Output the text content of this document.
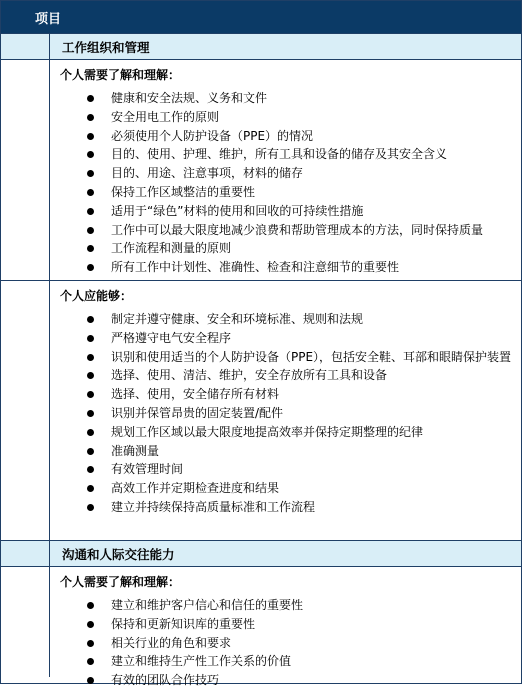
项目
工作组织和管理
个人需要了解和理解：
健康和安全法规、义务和文件
安全用电工作的原则
必须使用个人防护设备（PPE）的情况
目的、使用、护理、维护，所有工具和设备的储存及其安全含义
目的、用途、注意事项，材料的储存
保持工作区域整洁的重要性
适用于“绿色”材料的使用和回收的可持续性措施
工作中可以最大限度地减少浪费和帮助管理成本的方法，同时保持质量
工作流程和测量的原则
所有工作中计划性、准确性、检查和注意细节的重要性
个人应能够：
制定并遵守健康、安全和环境标准、规则和法规
严格遵守电气安全程序
识别和使用适当的个人防护设备（PPE），包括安全鞋、耳部和眼睛保护装置
选择、使用、清洁、维护，安全存放所有工具和设备
选择、使用，安全储存所有材料
识别并保管昂贵的固定装置/配件
规划工作区域以最大限度地提高效率并保持定期整理的纪律
准确测量
有效管理时间
高效工作并定期检查进度和结果
建立并持续保持高质量标准和工作流程
沟通和人际交往能力
个人需要了解和理解：
建立和维护客户信心和信任的重要性
保持和更新知识库的重要性
相关行业的角色和要求
建立和维持生产性工作关系的价值
有效的团队合作技巧
